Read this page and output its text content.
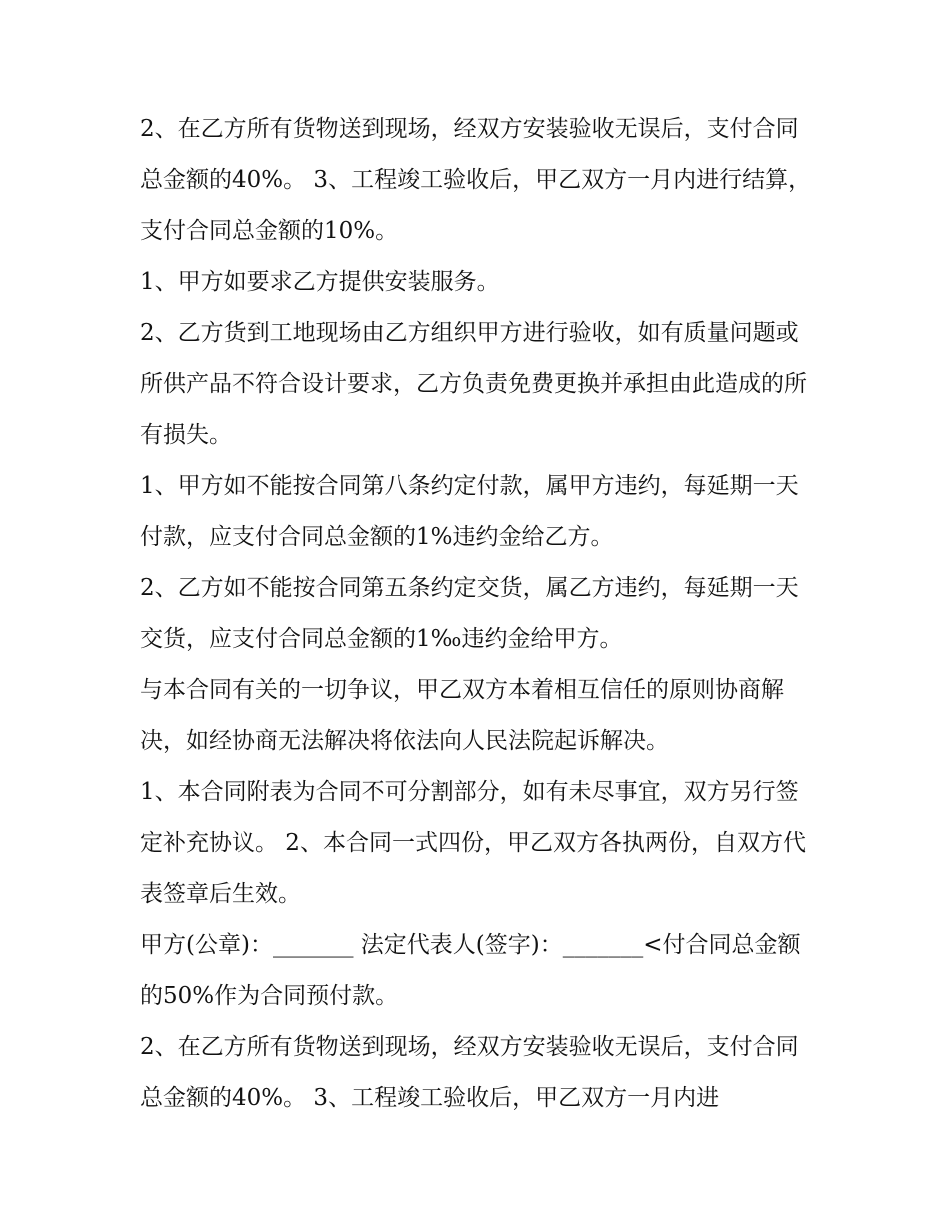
2、在乙方所有货物送到现场，经双方安装验收无误后，支付合同总金额的40%。 3、工程竣工验收后，甲乙双方一月内进行结算，支付合同总金额的10%。

1、甲方如要求乙方提供安装服务。

2、乙方货到工地现场由乙方组织甲方进行验收，如有质量问题或所供产品不符合设计要求，乙方负责免费更换并承担由此造成的所有损失。

1、甲方如不能按合同第八条约定付款，属甲方违约，每延期一天付款，应支付合同总金额的1%违约金给乙方。

2、乙方如不能按合同第五条约定交货，属乙方违约，每延期一天交货，应支付合同总金额的1‰违约金给甲方。

与本合同有关的一切争议，甲乙双方本着相互信任的原则协商解决，如经协商无法解决将依法向人民法院起诉解决。

1、本合同附表为合同不可分割部分，如有未尽事宜，双方另行签定补充协议。 2、本合同一式四份，甲乙双方各执两份，自双方代表签章后生效。

甲方(公章)：_______ 法定代表人(签字)：_______<付合同总金额的50%作为合同预付款。

2、在乙方所有货物送到现场，经双方安装验收无误后，支付合同总金额的40%。 3、工程竣工验收后，甲乙双方一月内进
